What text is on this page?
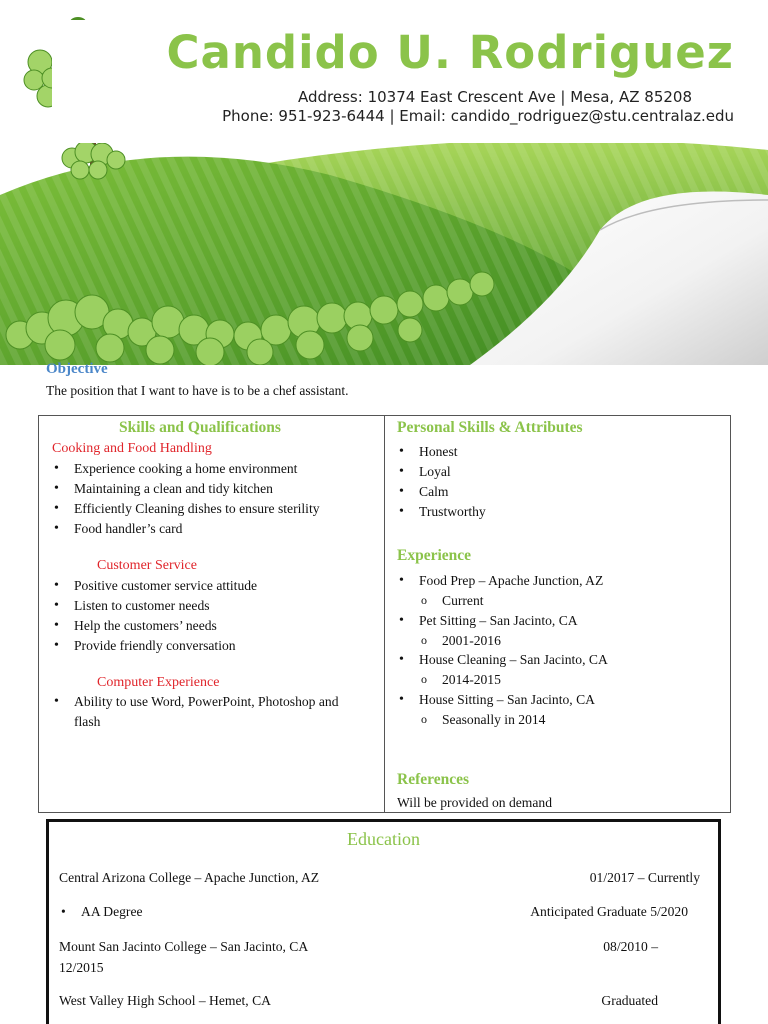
Candido U. Rodriguez
Address: 10374 East Crescent Ave | Mesa, AZ 85208
Phone: 951-923-6444 | Email: candido_rodriguez@stu.centralaz.edu
Objective
The position that I want to have is to be a chef assistant.
Skills and Qualifications
Cooking and Food Handling
• Experience cooking a home environment
• Maintaining a clean and tidy kitchen
• Efficiently Cleaning dishes to ensure sterility
• Food handler’s card
Customer Service
• Positive customer service attitude
• Listen to customer needs
• Help the customers’ needs
• Provide friendly conversation
Computer Experience
• Ability to use Word, PowerPoint, Photoshop and flash
Personal Skills & Attributes
• Honest
• Loyal
• Calm
• Trustworthy
Experience
• Food Prep – Apache Junction, AZ
o Current
• Pet Sitting – San Jacinto, CA
o 2001-2016
• House Cleaning – San Jacinto, CA
o 2014-2015
• House Sitting – San Jacinto, CA
o Seasonally in 2014
References
Will be provided on demand
Education
Central Arizona College – Apache Junction, AZ	01/2017 – Currently
• AA Degree	Anticipated Graduate 5/2020
Mount San Jacinto College – San Jacinto, CA	08/2010 –
12/2015
West Valley High School – Hemet, CA	Graduated
